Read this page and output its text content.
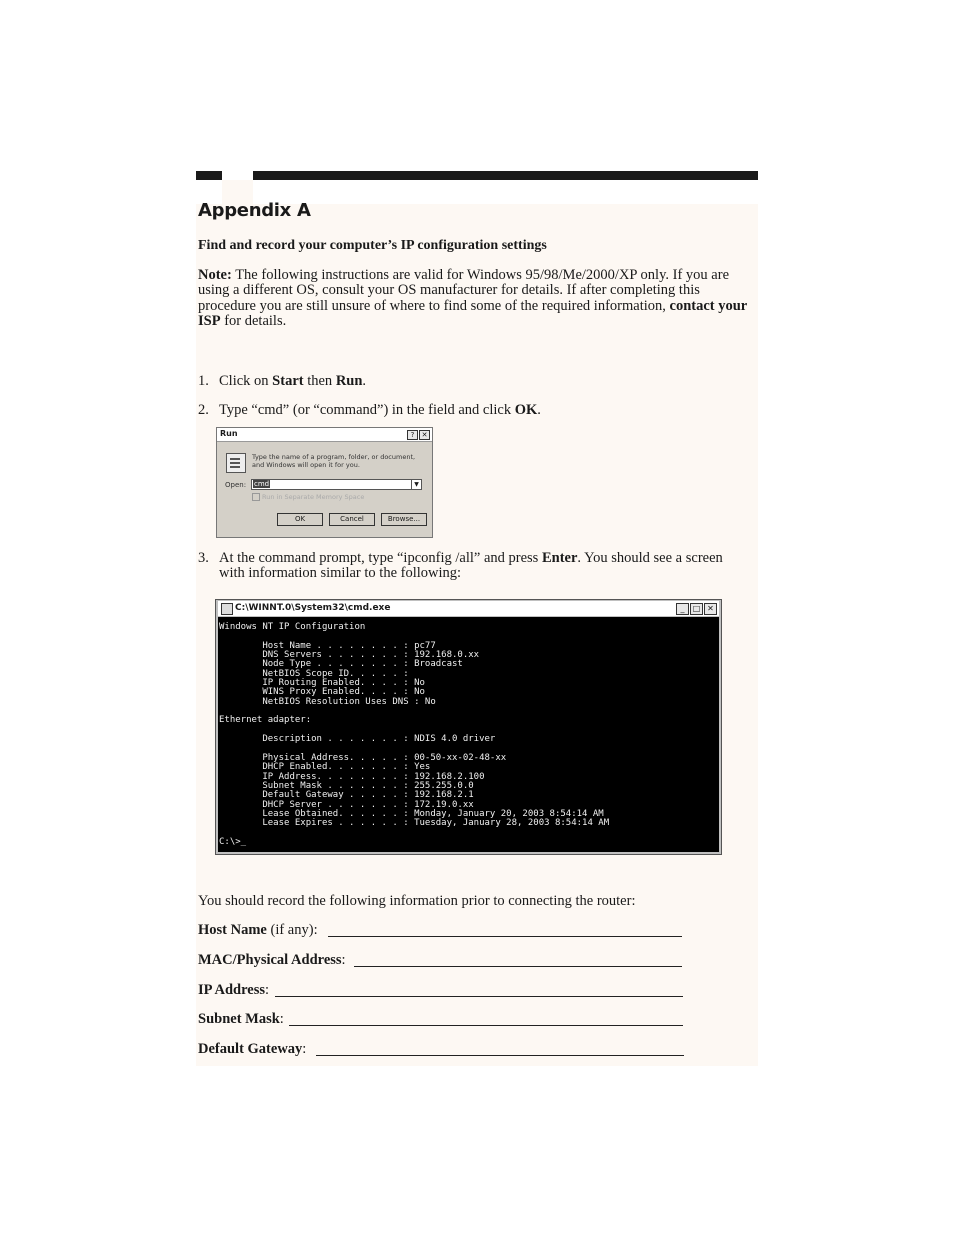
Appendix A
Find and record your computer’s IP configuration settings
Note: The following instructions are valid for Windows 95/98/Me/2000/XP only. If you are using a different OS, consult your OS manufacturer for details. If after completing this procedure you are still unsure of where to find some of the required information, contact your ISP for details.
1. Click on Start then Run.
2. Type “cmd” (or “command”) in the field and click OK.
Run	?	✕
Type the name of a program, folder, or document, and Windows will open it for you.
Open:	cmd	▼
Run in Separate Memory Space
OK	Cancel	Browse...
3. At the command prompt, type “ipconfig /all” and press Enter. You should see a screen with information similar to the following:
C:\WINNT.0\System32\cmd.exe	_	□ ✕
Windows NT IP Configuration

Host Name . . . . . . . . : pc77
DNS Servers . . . . . . . : 192.168.0.xx
Node Type . . . . . . . . : Broadcast
NetBIOS Scope ID. . . . . :
IP Routing Enabled. . . . : No
WINS Proxy Enabled. . . . : No
NetBIOS Resolution Uses DNS : No

Ethernet adapter:

Description . . . . . . . : NDIS 4.0 driver

Physical Address. . . . . : 00-50-xx-02-48-xx
DHCP Enabled. . . . . . . : Yes
IP Address. . . . . . . . : 192.168.2.100
Subnet Mask . . . . . . . : 255.255.0.0
Default Gateway . . . . . : 192.168.2.1
DHCP Server . . . . . . . : 172.19.0.xx
Lease Obtained. . . . . . : Monday, January 20, 2003 8:54:14 AM
Lease Expires . . . . . . : Tuesday, January 28, 2003 8:54:14 AM

C:\>_
You should record the following information prior to connecting the router:
Host Name (if any):
MAC/Physical Address:
IP Address:
Subnet Mask:
Default Gateway:
